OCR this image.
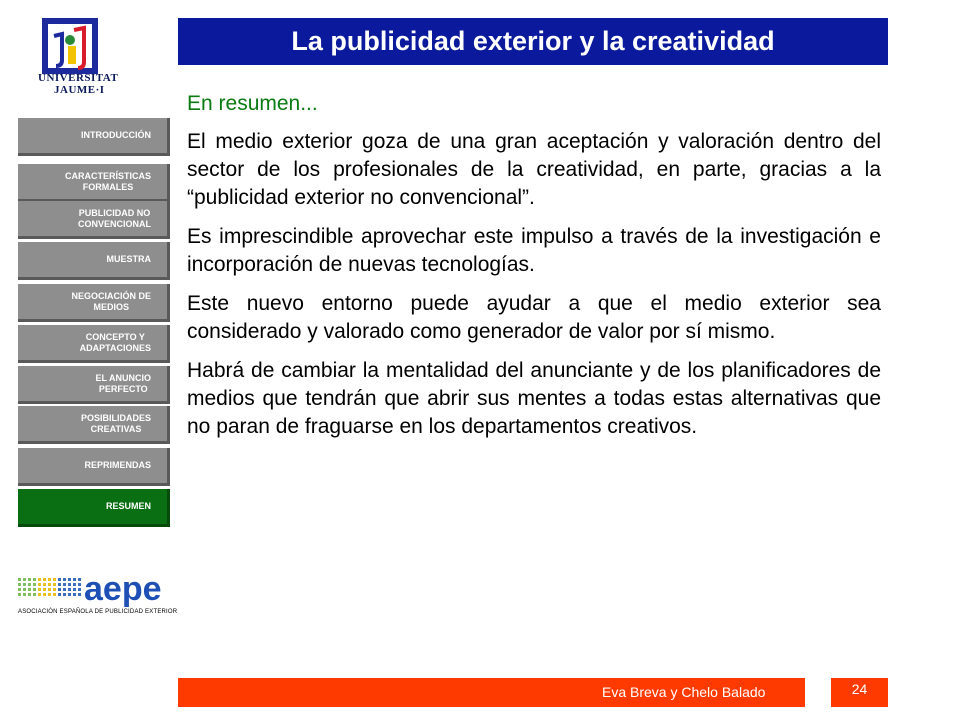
UNIVERSITAT
JAUME·I
La publicidad exterior y la creatividad
INTRODUCCIÓN
CARACTERÍSTICAS
FORMALES
PUBLICIDAD NO
CONVENCIONAL
MUESTRA
NEGOCIACIÓN DE
MEDIOS
CONCEPTO Y
ADAPTACIONES
EL ANUNCIO
PERFECTO
POSIBILIDADES
CREATIVAS
REPRIMENDAS
RESUMEN
aepe
ASOCIACIÓN ESPAÑOLA DE PUBLICIDAD EXTERIOR

En resumen...

El medio exterior goza de una gran aceptación y valoración dentro del sector de los profesionales de la creatividad, en parte, gracias a la “publicidad exterior no convencional”.

Es imprescindible aprovechar este impulso a través de la investigación e incorporación de nuevas tecnologías.

Este nuevo entorno puede ayudar a que el medio exterior sea considerado y valorado como generador de valor por sí mismo.

Habrá de cambiar la mentalidad del anunciante y de los planificadores de medios que tendrán que abrir sus mentes a todas estas alternativas que no paran de fraguarse en los departamentos creativos.

Eva Breva y Chelo Balado	24
